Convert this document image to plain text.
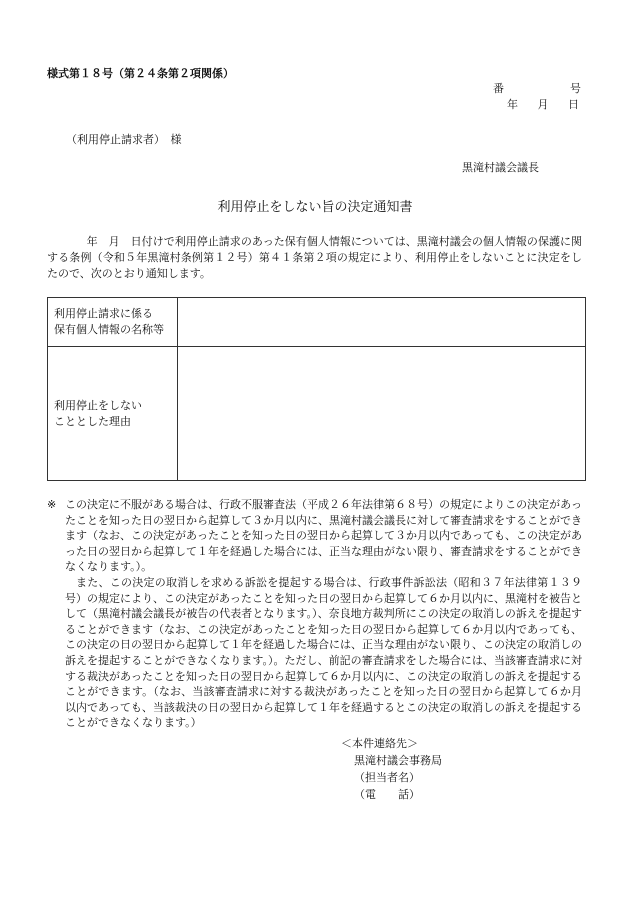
様式第１８号（第２４条第２項関係）
番	号
年 月 日
（利用停止請求者）　様
黒滝村議会議長
利用停止をしない旨の決定通知書

年　月　日付けで利用停止請求のあった保有個人情報については、黒滝村議会の個人情報の保護に関する条例（令和５年黒滝村条例第１２号）第４１条第２項の規定により、利用停止をしないことに決定をしたので、次のとおり通知します。

利用停止請求に係る
保有個人情報の名称等	

利用停止をしない
こととした理由	

※ この決定に不服がある場合は、行政不服審査法（平成２６年法律第６８号）の規定によりこの決定があったことを知った日の翌日から起算して３か月以内に、黒滝村議会議長に対して審査請求をすることができます（なお、この決定があったことを知った日の翌日から起算して３か月以内であっても、この決定があった日の翌日から起算して１年を経過した場合には、正当な理由がない限り、審査請求をすることができなくなります。）。

また、この決定の取消しを求める訴訟を提起する場合は、行政事件訴訟法（昭和３７年法律第１３９号）の規定により、この決定があったことを知った日の翌日から起算して６か月以内に、黒滝村を被告として（黒滝村議会議長が被告の代表者となります。）、奈良地方裁判所にこの決定の取消しの訴えを提起することができます（なお、この決定があったことを知った日の翌日から起算して６か月以内であっても、この決定の日の翌日から起算して１年を経過した場合には、正当な理由がない限り、この決定の取消しの訴えを提起することができなくなります。）。ただし、前記の審査請求をした場合には、当該審査請求に対する裁決があったことを知った日の翌日から起算して６か月以内に、この決定の取消しの訴えを提起することができます。（なお、当該審査請求に対する裁決があったことを知った日の翌日から起算して６か月以内であっても、当該裁決の日の翌日から起算して１年を経過するとこの決定の取消しの訴えを提起することができなくなります。）

＜本件連絡先＞
黒滝村議会事務局
（担当者名）
（電　　話）
